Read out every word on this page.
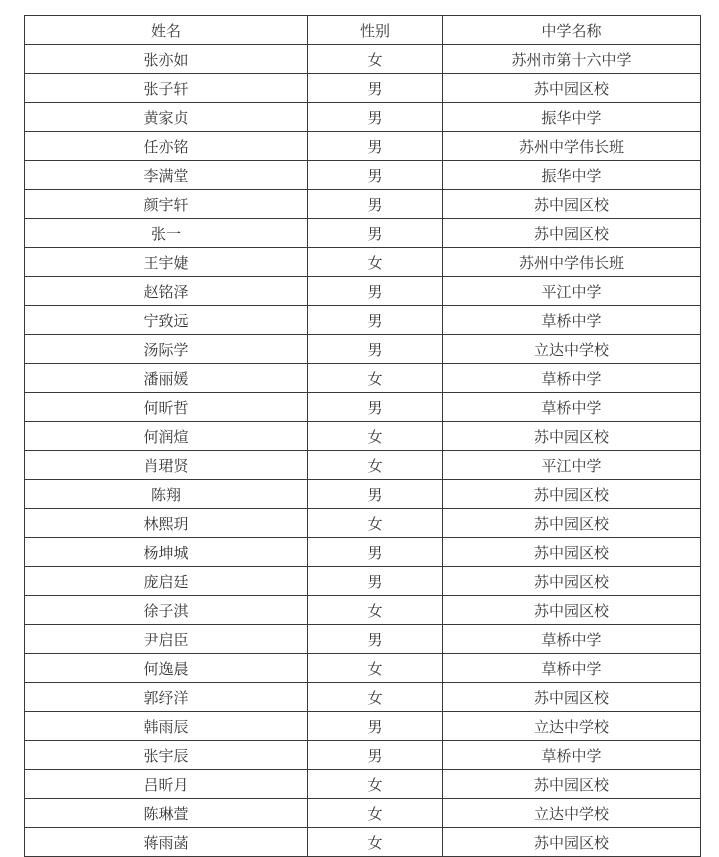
姓名	性别	中学名称
张亦如	女	苏州市第十六中学
张子轩	男	苏中园区校
黄家贞	男	振华中学
任亦铭	男	苏州中学伟长班
李满堂	男	振华中学
颜宇轩	男	苏中园区校
张一	男	苏中园区校
王宇婕	女	苏州中学伟长班
赵铭泽	男	平江中学
宁致远	男	草桥中学
汤际学	男	立达中学校
潘丽媛	女	草桥中学
何昕哲	男	草桥中学
何润煊	女	苏中园区校
肖珺贤	女	平江中学
陈翔	男	苏中园区校
林熙玥	女	苏中园区校
杨坤城	男	苏中园区校
庞启廷	男	苏中园区校
徐子淇	女	苏中园区校
尹启臣	男	草桥中学
何逸晨	女	草桥中学
郭纾洋	女	苏中园区校
韩雨辰	男	立达中学校
张宇辰	男	草桥中学
吕昕月	女	苏中园区校
陈琳萱	女	立达中学校
蒋雨菡	女	苏中园区校
